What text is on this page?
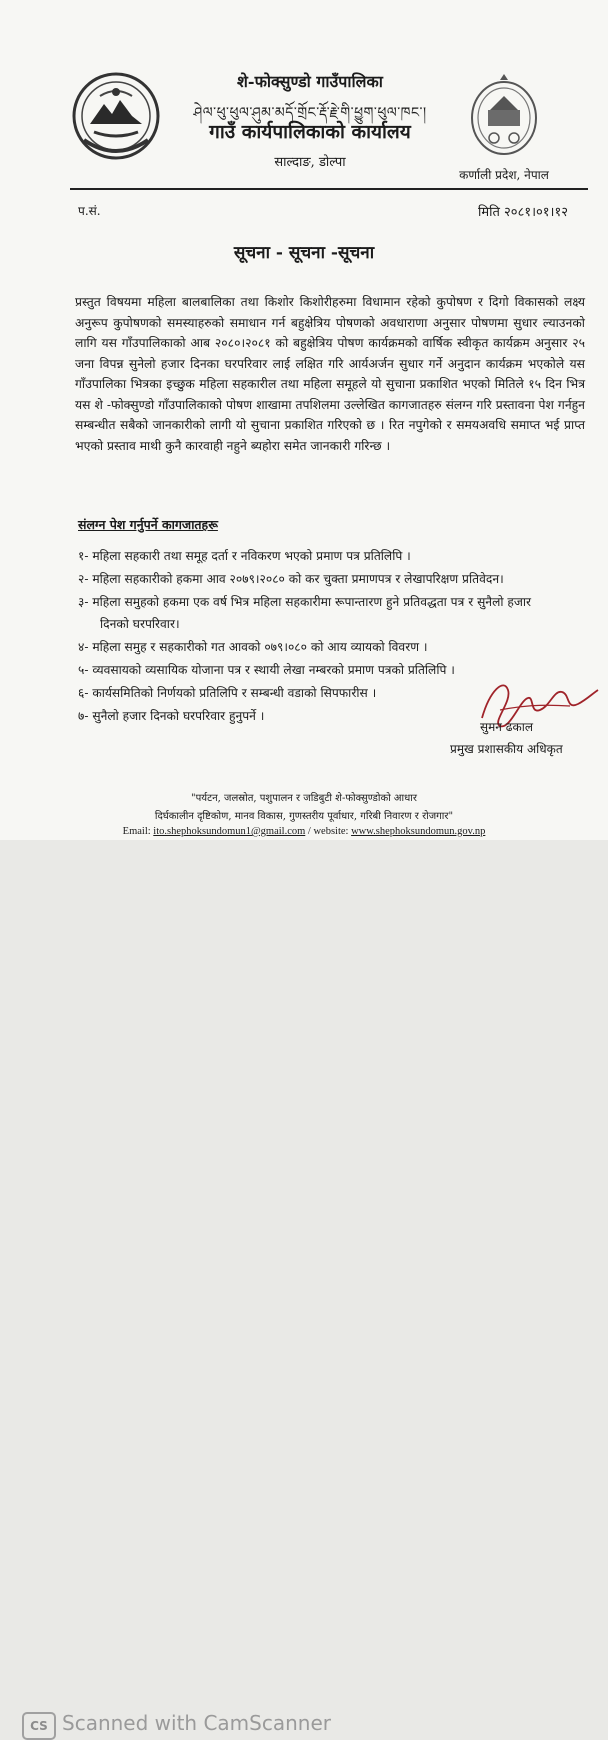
शे-फोक्सुण्डो गाउँपालिका
ཤེལ་ཕུ་ཕུལ་ཤུམ་མདོ་གྲོང་རྡོ་རྗེ་གི་ཕྱུག་ཕུལ་ཁང་།
गाउँ कार्यपालिकाको कार्यालय
साल्दाङ, डोल्पा
कर्णाली प्रदेश, नेपाल
प.सं.	मिति २०८१।०१।१२
सूचना - सूचना -सूचना
प्रस्तुत विषयमा महिला बालबालिका तथा किशोर किशोरीहरुमा विधामान रहेको कुपोषण र दिगो विकासको लक्ष्य अनुरूप कुपोषणको समस्याहरुको समाधान गर्न बहुक्षेत्रिय पोषणको अवधाराणा अनुसार पोषणमा सुधार ल्याउनको लागि यस गाँउपालिकाको आब २०८०।२०८१ को बहुक्षेत्रिय पोषण कार्यक्रमको वार्षिक स्वीकृत कार्यक्रम अनुसार २५ जना विपन्न सुनेलो हजार दिनका घरपरिवार लाई लक्षित गरि आर्यअर्जन सुधार गर्ने अनुदान कार्यक्रम भएकोले यस गाँउपालिका भित्रका इच्छुक महिला सहकारील तथा महिला समूहले यो सुचाना प्रकाशित भएको मितिले १५ दिन भित्र यस शे -फोक्सुण्डो गाँउपालिकाको पोषण शाखामा तपशिलमा उल्लेखित कागजातहरु संलग्न गरि प्रस्तावना पेश गर्नहुन सम्बन्धीत सबैको जानकारीको लागी यो सुचाना प्रकाशित गरिएको छ । रित नपुगेको र समयअवधि समाप्त भई प्राप्त भएको प्रस्ताव माथी कुनै कारवाही नहुने ब्यहोरा समेत जानकारी गरिन्छ ।
संलग्न पेश गर्नुपर्ने कागजातहरू
१- महिला सहकारी तथा समूह दर्ता र नविकरण भएको प्रमाण पत्र प्रतिलिपि ।
२- महिला सहकारीको हकमा आव २०७९।२०८० को कर चुक्ता प्रमाणपत्र र लेखापरिक्षण प्रतिवेदन।
३- महिला समुहको हकमा एक वर्ष भित्र महिला सहकारीमा रूपान्तारण हुने प्रतिवद्धता पत्र र सुनैलो हजार
दिनको घरपरिवार।
४- महिला समुह र सहकारीको गत आवको ०७९।०८० को आय व्यायको विवरण ।
५- व्यवसायको व्यसायिक योजाना पत्र र स्थायी लेखा नम्बरको प्रमाण पत्रको प्रतिलिपि ।
६- कार्यसमितिको निर्णयको प्रतिलिपि र सम्बन्धी वडाको सिपफारीस ।
७- सुनैलो हजार दिनको घरपरिवार हुनुपर्ने ।
सुमन ढकाल
प्रमुख प्रशासकीय अधिकृत
"पर्यटन, जलस्रोत, पशुपालन र जडिबुटी शे-फोक्सुण्डोको आधार
दिर्घकालीन दृष्टिकोण, मानव विकास, गुणस्तरीय पूर्वाधार, गरिबी निवारण र रोजगार"
Email: ito.shephoksundomun1@gmail.com / website: www.shephoksundomun.gov.np
CS Scanned with CamScanner
